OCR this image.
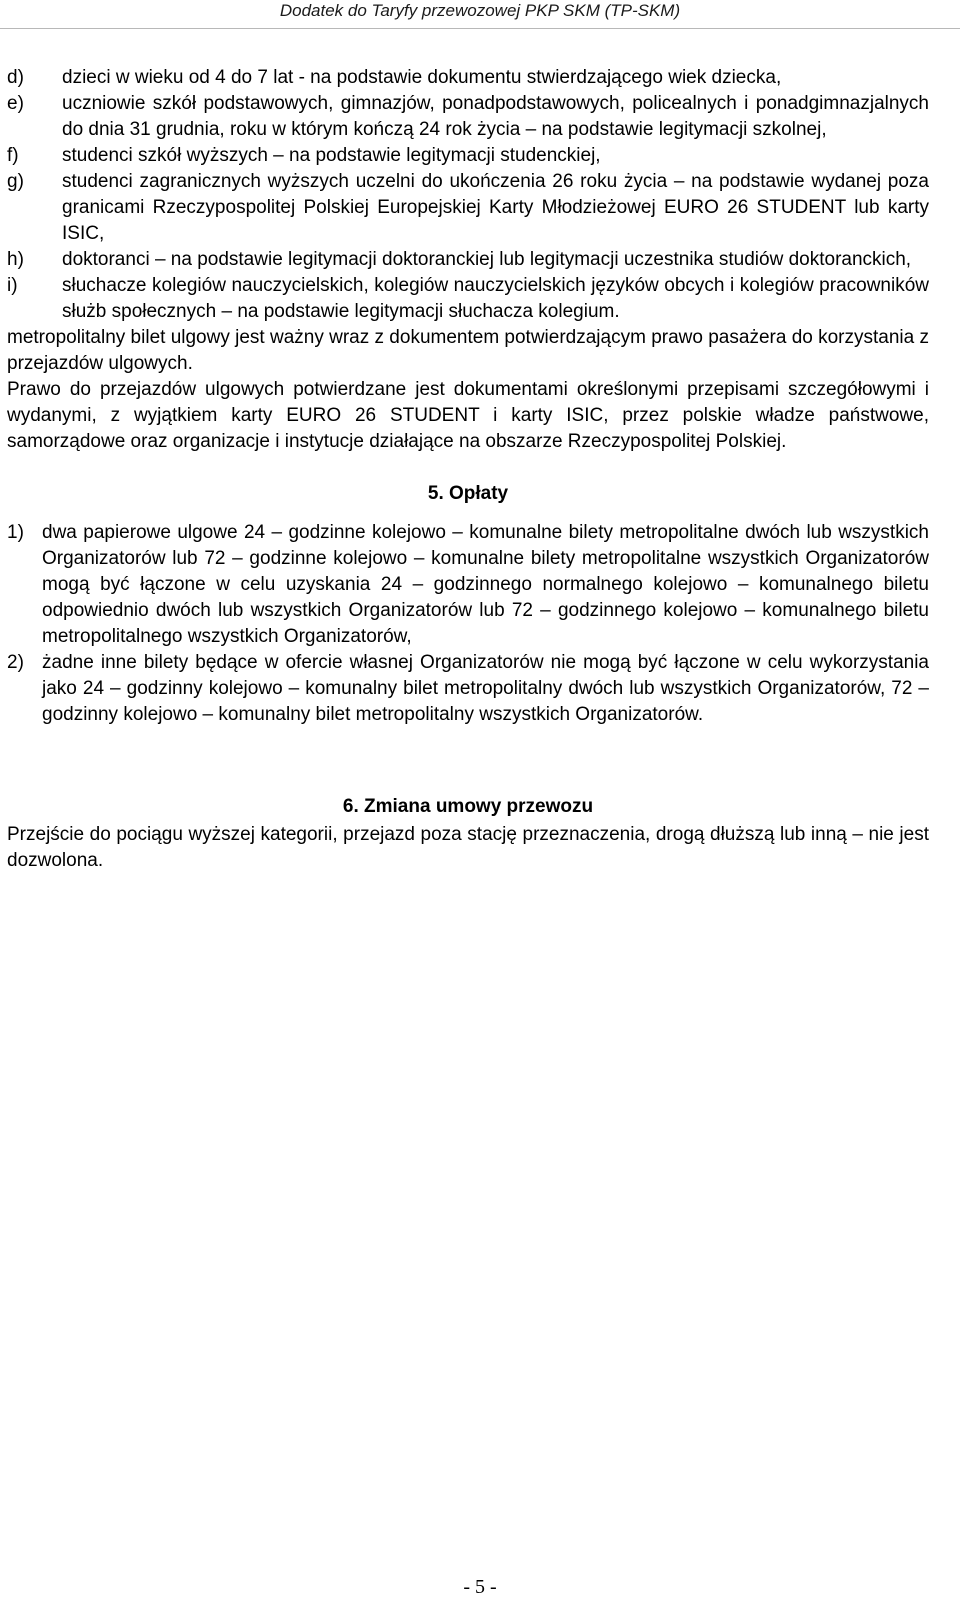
Dodatek do Taryfy przewozowej PKP SKM (TP-SKM)
d) dzieci w wieku od 4 do 7 lat - na podstawie dokumentu stwierdzającego wiek dziecka,
e) uczniowie szkół podstawowych, gimnazjów, ponadpodstawowych, policealnych i ponadgimnazjalnych do dnia 31 grudnia, roku w którym kończą 24 rok życia – na podstawie legitymacji szkolnej,
f) studenci szkół wyższych – na podstawie legitymacji studenckiej,
g) studenci zagranicznych wyższych uczelni do ukończenia 26 roku życia – na podstawie wydanej poza granicami Rzeczypospolitej Polskiej Europejskiej Karty Młodzieżowej EURO 26 STUDENT lub karty ISIC,
h) doktoranci – na podstawie legitymacji doktoranckiej lub legitymacji uczestnika studiów doktoranckich,
i) słuchacze kolegiów nauczycielskich, kolegiów nauczycielskich języków obcych i kolegiów pracowników służb społecznych – na podstawie legitymacji słuchacza kolegium.
metropolitalny bilet ulgowy jest ważny wraz z dokumentem potwierdzającym prawo pasażera do korzystania z przejazdów ulgowych.
Prawo do przejazdów ulgowych potwierdzane jest dokumentami określonymi przepisami szczegółowymi i wydanymi, z wyjątkiem karty EURO 26 STUDENT i karty ISIC, przez polskie władze państwowe, samorządowe oraz organizacje i instytucje działające na obszarze Rzeczypospolitej Polskiej.
5. Opłaty
1) dwa papierowe ulgowe 24 – godzinne kolejowo – komunalne bilety metropolitalne dwóch lub wszystkich Organizatorów lub 72 – godzinne kolejowo – komunalne bilety metropolitalne wszystkich Organizatorów mogą być łączone w celu uzyskania 24 – godzinnego normalnego kolejowo – komunalnego biletu odpowiednio dwóch lub wszystkich Organizatorów lub 72 – godzinnego kolejowo – komunalnego biletu metropolitalnego wszystkich Organizatorów,
2) żadne inne bilety będące w ofercie własnej Organizatorów nie mogą być łączone w celu wykorzystania jako 24 – godzinny kolejowo – komunalny bilet metropolitalny dwóch lub wszystkich Organizatorów, 72 – godzinny kolejowo – komunalny bilet metropolitalny wszystkich Organizatorów.
6. Zmiana umowy przewozu
Przejście do pociągu wyższej kategorii, przejazd poza stację przeznaczenia, drogą dłuższą lub inną – nie jest dozwolona.
- 5 -
